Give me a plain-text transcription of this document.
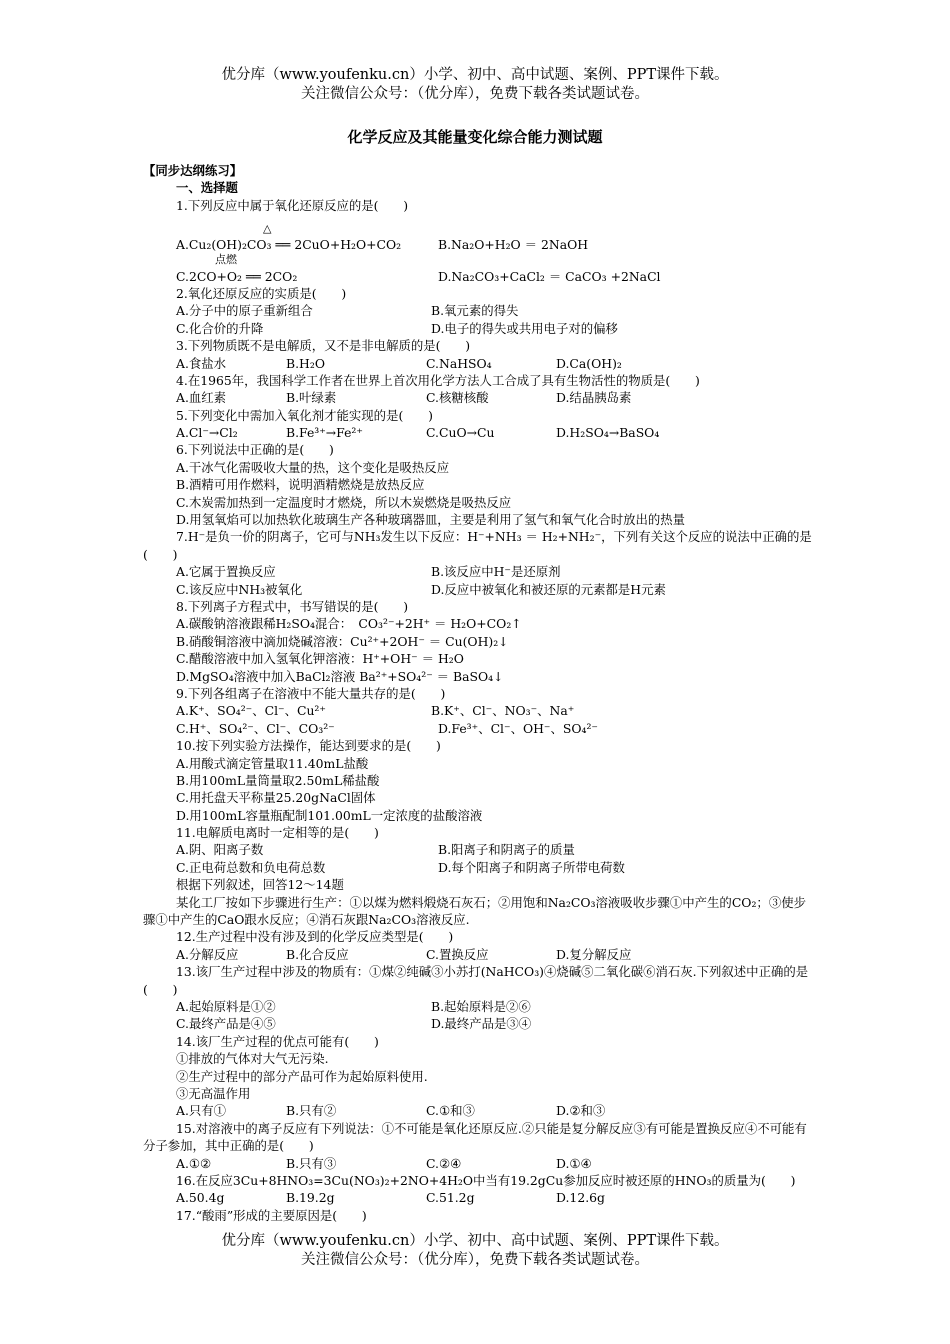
优分库（www.youfenku.cn）小学、初中、高中试题、案例、PPT课件下载。
关注微信公众号：（优分库），免费下载各类试题试卷。
化学反应及其能量变化综合能力测试题
【同步达纲练习】
一、选择题
1.下列反应中属于氧化还原反应的是(　　)
△
A.Cu₂(OH)₂CO₃ ══ 2CuO+H₂O+CO₂	B.Na₂O+H₂O ＝ 2NaOH
点燃
C.2CO+O₂ ══ 2CO₂	D.Na₂CO₃+CaCl₂ ＝ CaCO₃ +2NaCl
2.氧化还原反应的实质是(　　)
A.分子中的原子重新组合	B.氧元素的得失
C.化合价的升降	D.电子的得失或共用电子对的偏移
3.下列物质既不是电解质，又不是非电解质的是(　　)
A.食盐水	B.H₂O	C.NaHSO₄	D.Ca(OH)₂
4.在1965年，我国科学工作者在世界上首次用化学方法人工合成了具有生物活性的物质是(　　)
A.血红素	B.叶绿素	C.核糖核酸	D.结晶胰岛素
5.下列变化中需加入氧化剂才能实现的是(　　)
A.Cl⁻→Cl₂	B.Fe³⁺→Fe²⁺	C.CuO→Cu	D.H₂SO₄→BaSO₄
6.下列说法中正确的是(　　)
A.干冰气化需吸收大量的热，这个变化是吸热反应
B.酒精可用作燃料，说明酒精燃烧是放热反应
C.木炭需加热到一定温度时才燃烧，所以木炭燃烧是吸热反应
D.用氢氧焰可以加热软化玻璃生产各种玻璃器皿，主要是利用了氢气和氧气化合时放出的热量
7.H⁻是负一价的阴离子，它可与NH₃发生以下反应：H⁻+NH₃ ＝ H₂+NH₂⁻，下列有关这个反应的说法中正确的是(　　)
A.它属于置换反应	B.该反应中H⁻是还原剂
C.该反应中NH₃被氧化	D.反应中被氧化和被还原的元素都是H元素
8.下列离子方程式中，书写错误的是(　　)
A.碳酸钠溶液跟稀H₂SO₄混合：　CO₃²⁻+2H⁺ ＝ H₂O+CO₂↑
B.硝酸铜溶液中滴加烧碱溶液：Cu²⁺+2OH⁻ ＝ Cu(OH)₂↓
C.醋酸溶液中加入氢氧化钾溶液：H⁺+OH⁻ ＝ H₂O
D.MgSO₄溶液中加入BaCl₂溶液 Ba²⁺+SO₄²⁻ ＝ BaSO₄↓
9.下列各组离子在溶液中不能大量共存的是(　　)
A.K⁺、SO₄²⁻、Cl⁻、Cu²⁺	B.K⁺、Cl⁻、NO₃⁻、Na⁺
C.H⁺、SO₄²⁻、Cl⁻、CO₃²⁻	D.Fe³⁺、Cl⁻、OH⁻、SO₄²⁻
10.按下列实验方法操作，能达到要求的是(　　)
A.用酸式滴定管量取11.40mL盐酸
B.用100mL量筒量取2.50mL稀盐酸
C.用托盘天平称量25.20gNaCl固体
D.用100mL容量瓶配制101.00mL一定浓度的盐酸溶液
11.电解质电离时一定相等的是(　　)
A.阴、阳离子数	B.阳离子和阴离子的质量
C.正电荷总数和负电荷总数	D.每个阳离子和阴离子所带电荷数
根据下列叙述，回答12～14题
某化工厂按如下步骤进行生产：①以煤为燃料煅烧石灰石；②用饱和Na₂CO₃溶液吸收步骤①中产生的CO₂；③使步骤①中产生的CaO跟水反应；④消石灰跟Na₂CO₃溶液反应.
12.生产过程中没有涉及到的化学反应类型是(　　)
A.分解反应	B.化合反应	C.置换反应	D.复分解反应
13.该厂生产过程中涉及的物质有：①煤②纯碱③小苏打(NaHCO₃)④烧碱⑤二氧化碳⑥消石灰.下列叙述中正确的是(　　)
A.起始原料是①②	B.起始原料是②⑥
C.最终产品是④⑤	D.最终产品是③④
14.该厂生产过程的优点可能有(　　)
①排放的气体对大气无污染.
②生产过程中的部分产品可作为起始原料使用.
③无高温作用
A.只有①	B.只有②	C.①和③	D.②和③
15.对溶液中的离子反应有下列说法：①不可能是氧化还原反应.②只能是复分解反应③有可能是置换反应④不可能有分子参加，其中正确的是(　　)
A.①②	B.只有③	C.②④	D.①④
16.在反应3Cu+8HNO₃=3Cu(NO₃)₂+2NO+4H₂O中当有19.2gCu参加反应时被还原的HNO₃的质量为(　　)
A.50.4g	B.19.2g	C.51.2g	D.12.6g
17.“酸雨”形成的主要原因是(　　)
优分库（www.youfenku.cn）小学、初中、高中试题、案例、PPT课件下载。
关注微信公众号：（优分库），免费下载各类试题试卷。
